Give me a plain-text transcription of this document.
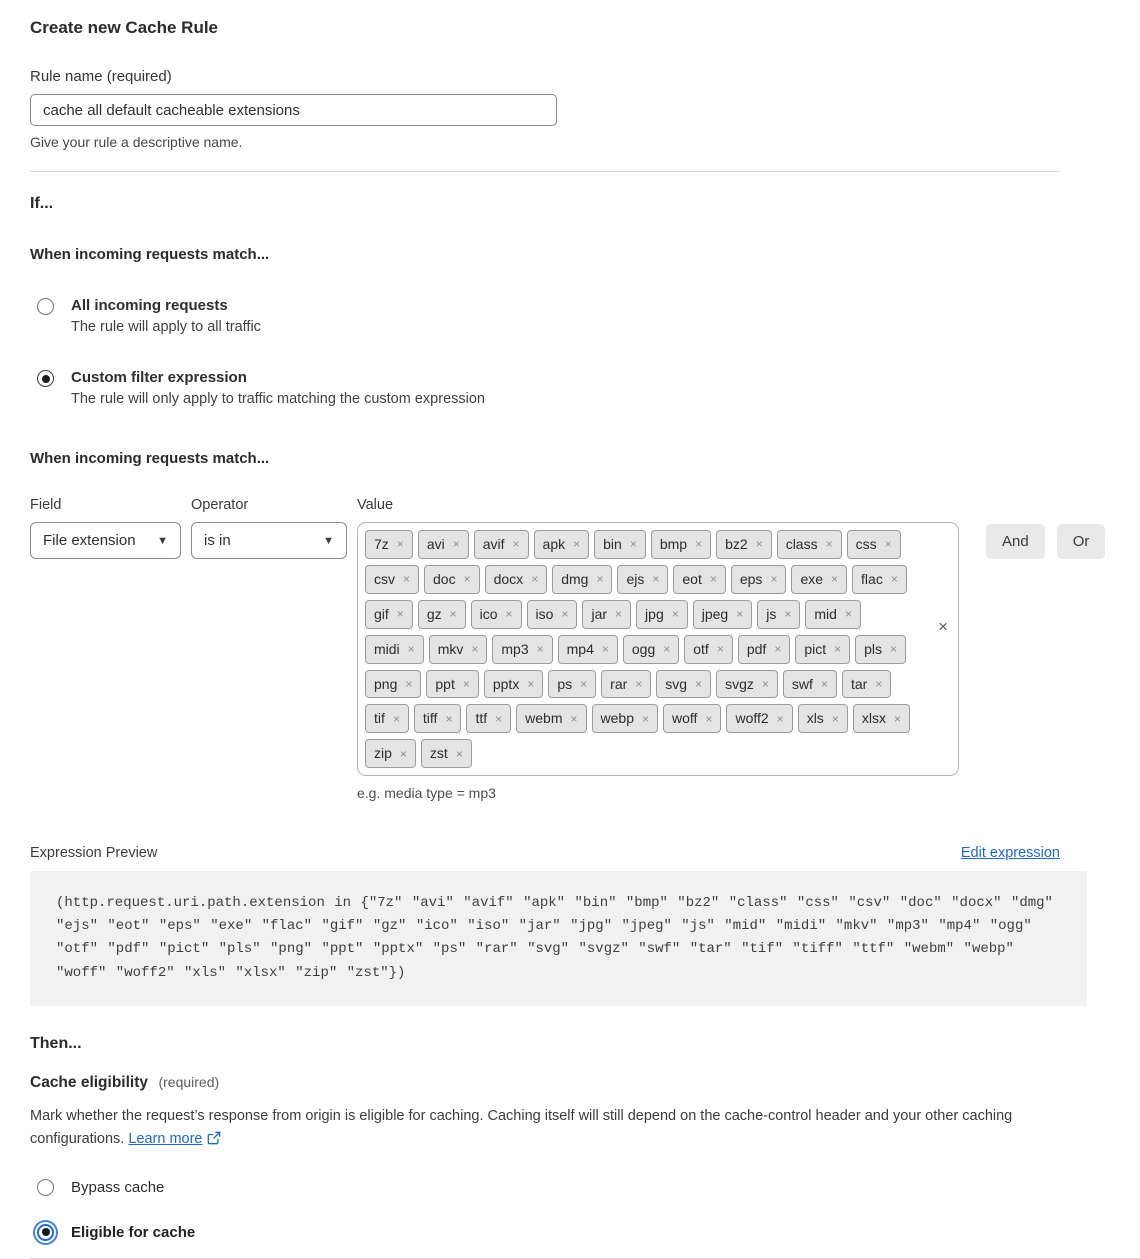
Create new Cache Rule
Rule name (required)
cache all default cacheable extensions
Give your rule a descriptive name.
If...
When incoming requests match...
All incoming requests
The rule will apply to all traffic
Custom filter expression
The rule will only apply to traffic matching the custom expression
When incoming requests match...
Field
File extension ▼
Operator
is in	▼
Value
7z × avi × avif × apk × bin × bmp × bz2 × class × css ×
csv × doc × docx × dmg × ejs × eot × eps × exe × flac ×
gif × gz × ico × iso × jar × jpg × jpeg × js × mid ×
midi × mkv × mp3 × mp4 × ogg × otf × pdf × pict × pls ×
png × ppt × pptx × ps × rar × svg × svgz × swf × tar ×
tif × tiff × ttf × webm × webp × woff × woff2 × xls × xlsx ×
zip × zst ×
×
e.g. media type = mp3
And	Or
Expression Preview	Edit expression
(http.request.uri.path.extension in {"7z" "avi" "avif" "apk" "bin" "bmp" "bz2" "class" "css" "csv" "doc" "docx" "dmg" "ejs" "eot" "eps" "exe" "flac" "gif" "gz" "ico" "iso" "jar" "jpg" "jpeg" "js" "mid" "midi" "mkv" "mp3" "mp4" "ogg" "otf" "pdf" "pict" "pls" "png" "ppt" "pptx" "ps" "rar" "svg" "svgz" "swf" "tar" "tif" "tiff" "ttf" "webm" "webp" "woff" "woff2" "xls" "xlsx" "zip" "zst"})
Then...
Cache eligibility (required)

Mark whether the request’s response from origin is eligible for caching. Caching itself will still depend on the cache-control header and your other caching configurations. Learn more

Bypass cache
Eligible for cache
